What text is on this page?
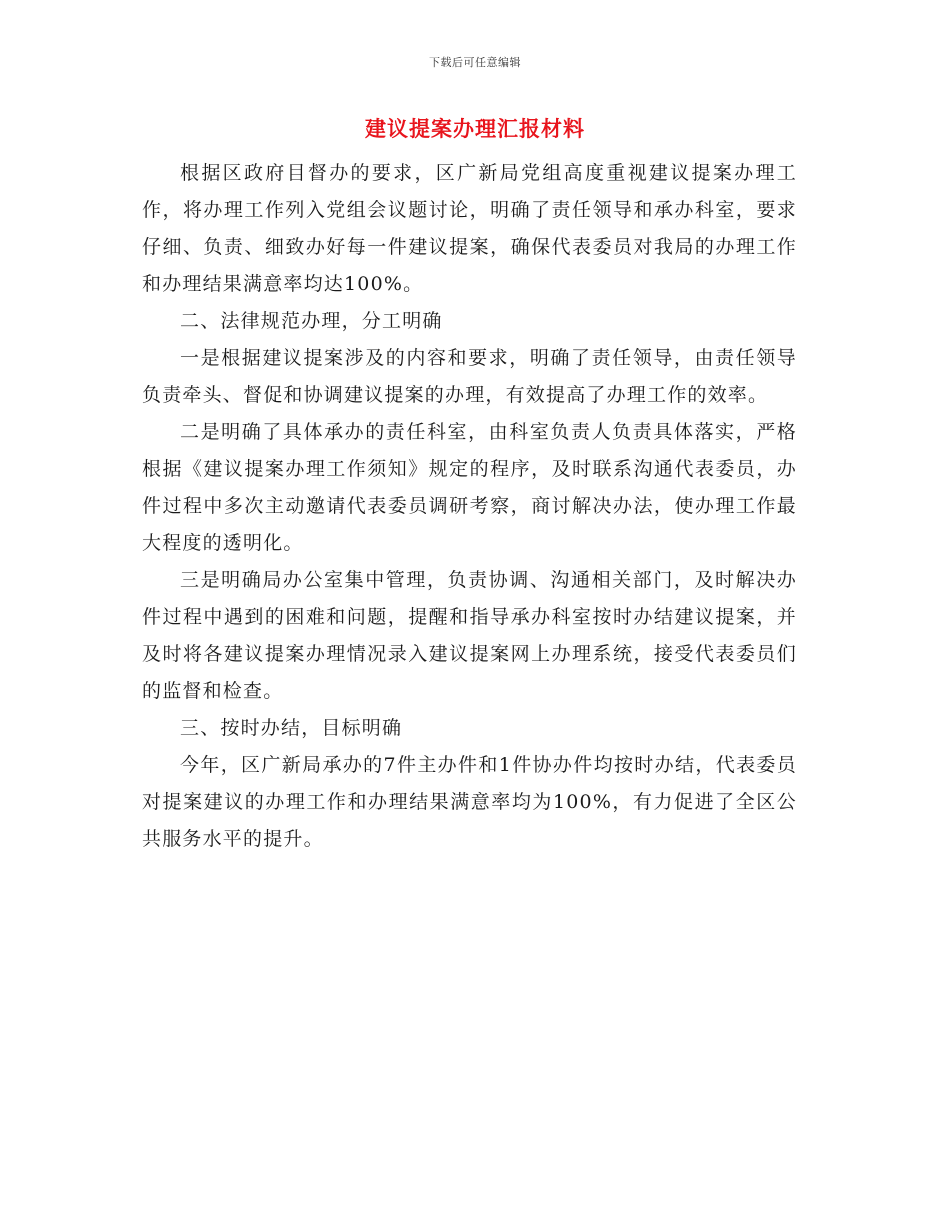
下载后可任意编辑
建议提案办理汇报材料

根据区政府目督办的要求，区广新局党组高度重视建议提案办理工作，将办理工作列入党组会议题讨论，明确了责任领导和承办科室，要求仔细、负责、细致办好每一件建议提案，确保代表委员对我局的办理工作和办理结果满意率均达100%。

二、法律规范办理，分工明确

一是根据建议提案涉及的内容和要求，明确了责任领导，由责任领导负责牵头、督促和协调建议提案的办理，有效提高了办理工作的效率。

二是明确了具体承办的责任科室，由科室负责人负责具体落实，严格根据《建议提案办理工作须知》规定的程序，及时联系沟通代表委员，办件过程中多次主动邀请代表委员调研考察，商讨解决办法，使办理工作最大程度的透明化。

三是明确局办公室集中管理，负责协调、沟通相关部门，及时解决办件过程中遇到的困难和问题，提醒和指导承办科室按时办结建议提案，并及时将各建议提案办理情况录入建议提案网上办理系统，接受代表委员们的监督和检查。

三、按时办结，目标明确

今年，区广新局承办的7件主办件和1件协办件均按时办结，代表委员对提案建议的办理工作和办理结果满意率均为100%，有力促进了全区公共服务水平的提升。
